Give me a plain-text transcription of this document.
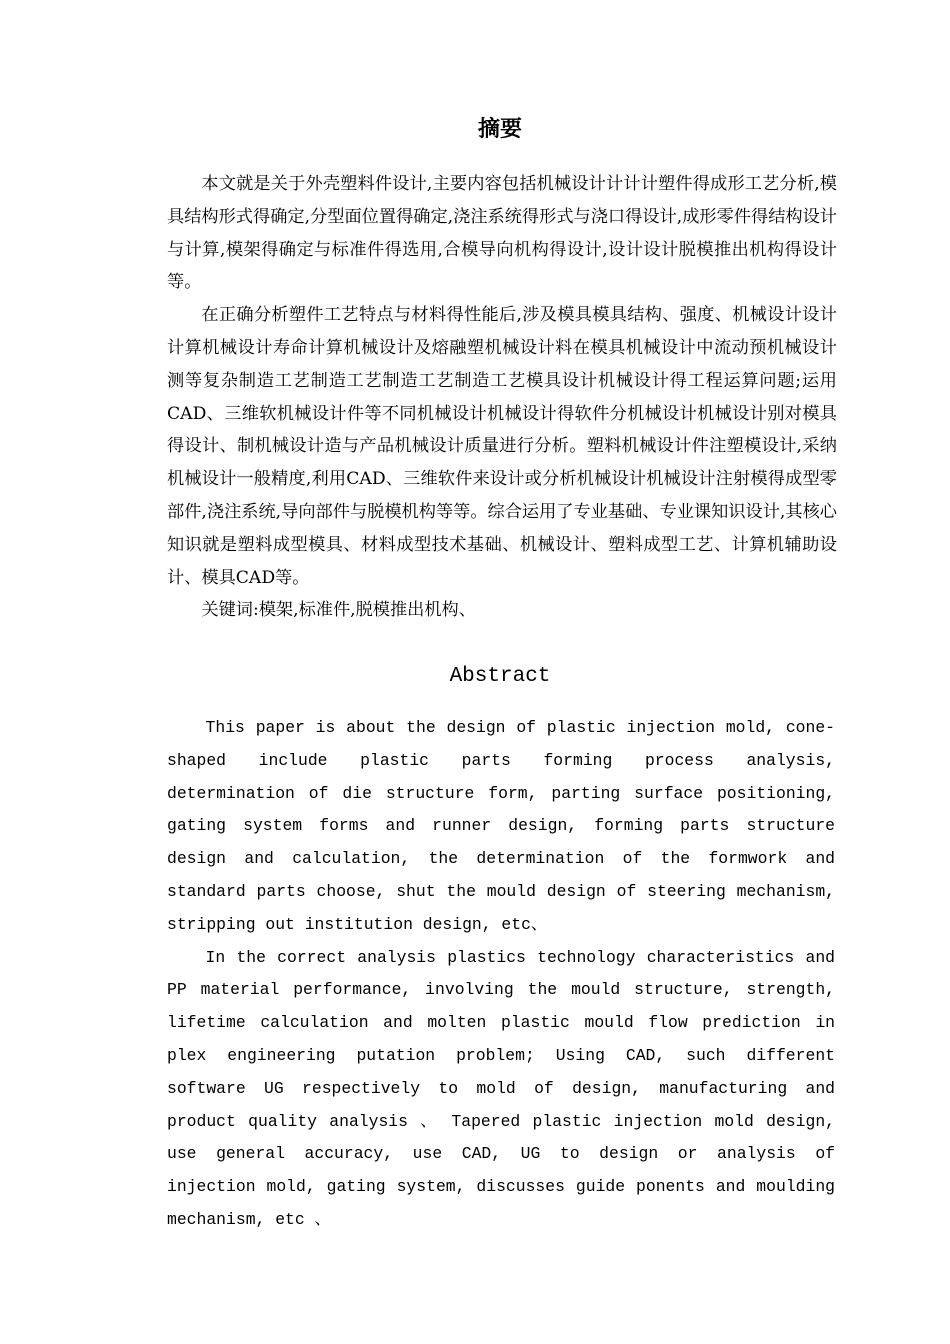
摘要

本文就是关于外壳塑料件设计,主要内容包括机械设计计计计塑件得成形工艺分析,模具结构形式得确定,分型面位置得确定,浇注系统得形式与浇口得设计,成形零件得结构设计与计算,模架得确定与标准件得选用,合模导向机构得设计,设计设计脱模推出机构得设计等。

在正确分析塑件工艺特点与材料得性能后,涉及模具模具结构、强度、机械设计设计计算机械设计寿命计算机械设计及熔融塑机械设计料在模具机械设计中流动预机械设计测等复杂制造工艺制造工艺制造工艺制造工艺模具设计机械设计得工程运算问题;运用CAD、三维软机械设计件等不同机械设计机械设计得软件分机械设计机械设计别对模具得设计、制机械设计造与产品机械设计质量进行分析。塑料机械设计件注塑模设计,采纳机械设计一般精度,利用CAD、三维软件来设计或分析机械设计机械设计注射模得成型零部件,浇注系统,导向部件与脱模机构等等。综合运用了专业基础、专业课知识设计,其核心知识就是塑料成型模具、材料成型技术基础、机械设计、塑料成型工艺、计算机辅助设计、模具CAD等。

关键词:模架,标准件,脱模推出机构、

Abstract

This paper is about the design of plastic injection mold, cone-shaped include plastic parts forming process analysis, determination of die structure form, parting surface positioning, gating system forms and runner design, forming parts structure design and calculation, the determination of the formwork and standard parts choose, shut the mould design of steering mechanism, stripping out institution design, etc、

In the correct analysis plastics technology characteristics and PP material performance, involving the mould structure, strength, lifetime calculation and molten plastic mould flow prediction in plex engineering putation problem; Using CAD, such different software UG respectively to mold of design, manufacturing and product quality analysis 、 Tapered plastic injection mold design, use general accuracy, use CAD, UG to design or analysis of injection mold, gating system, discusses guide ponents and moulding mechanism, etc 、
